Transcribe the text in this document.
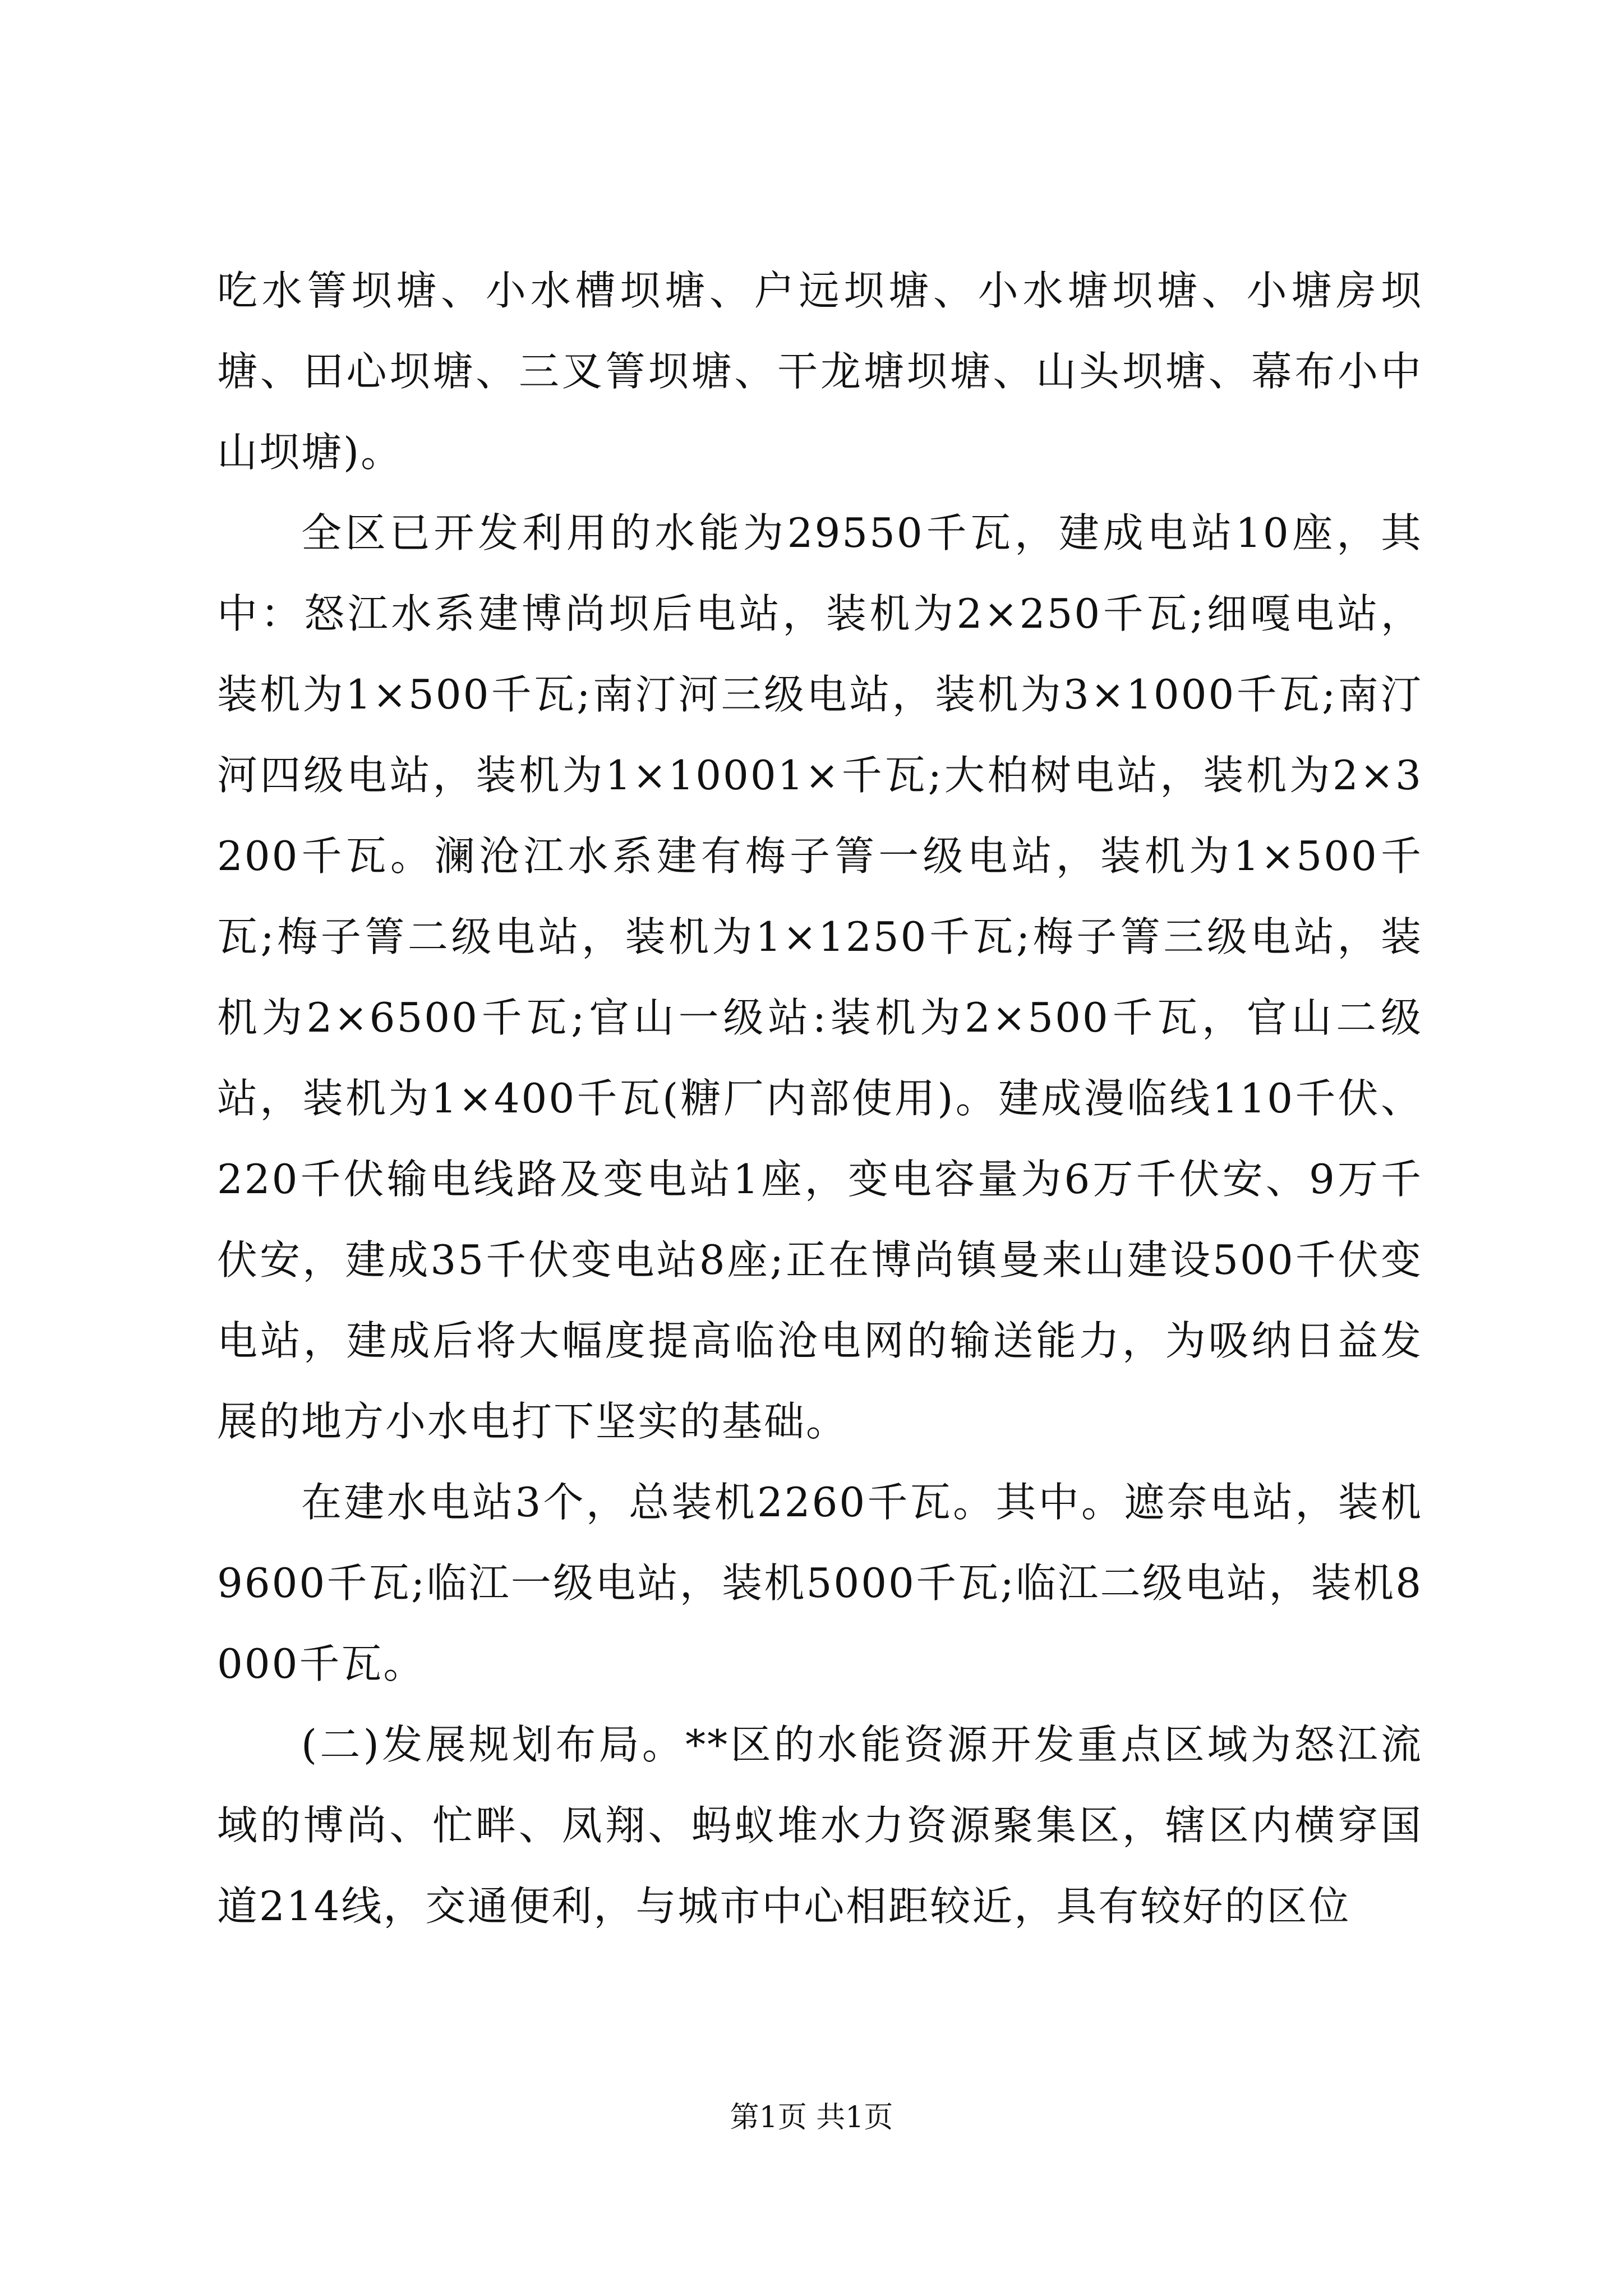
吃水箐坝塘、小水槽坝塘、户远坝塘、小水塘坝塘、小塘房坝塘、田心坝塘、三叉箐坝塘、干龙塘坝塘、山头坝塘、幕布小中山坝塘)。

全区已开发利用的水能为29550千瓦，建成电站10座，其中：怒江水系建博尚坝后电站，装机为2×250千瓦;细嘎电站，装机为1×500千瓦;南汀河三级电站，装机为3×1000千瓦;南汀河四级电站，装机为1×10001×千瓦;大柏树电站，装机为2×3200千瓦。澜沧江水系建有梅子箐一级电站，装机为1×500千瓦;梅子箐二级电站，装机为1×1250千瓦;梅子箐三级电站，装机为2×6500千瓦;官山一级站:装机为2×500千瓦，官山二级站，装机为1×400千瓦(糖厂内部使用)。建成漫临线110千伏、220千伏输电线路及变电站1座，变电容量为6万千伏安、9万千伏安，建成35千伏变电站8座;正在博尚镇曼来山建设500千伏变电站，建成后将大幅度提高临沧电网的输送能力，为吸纳日益发展的地方小水电打下坚实的基础。

在建水电站3个，总装机2260千瓦。其中。遮奈电站，装机9600千瓦;临江一级电站，装机5000千瓦;临江二级电站，装机8000千瓦。

(二)发展规划布局。**区的水能资源开发重点区域为怒江流域的博尚、忙畔、凤翔、蚂蚁堆水力资源聚集区，辖区内横穿国道214线，交通便利，与城市中心相距较近，具有较好的区位

第1页 共1页
